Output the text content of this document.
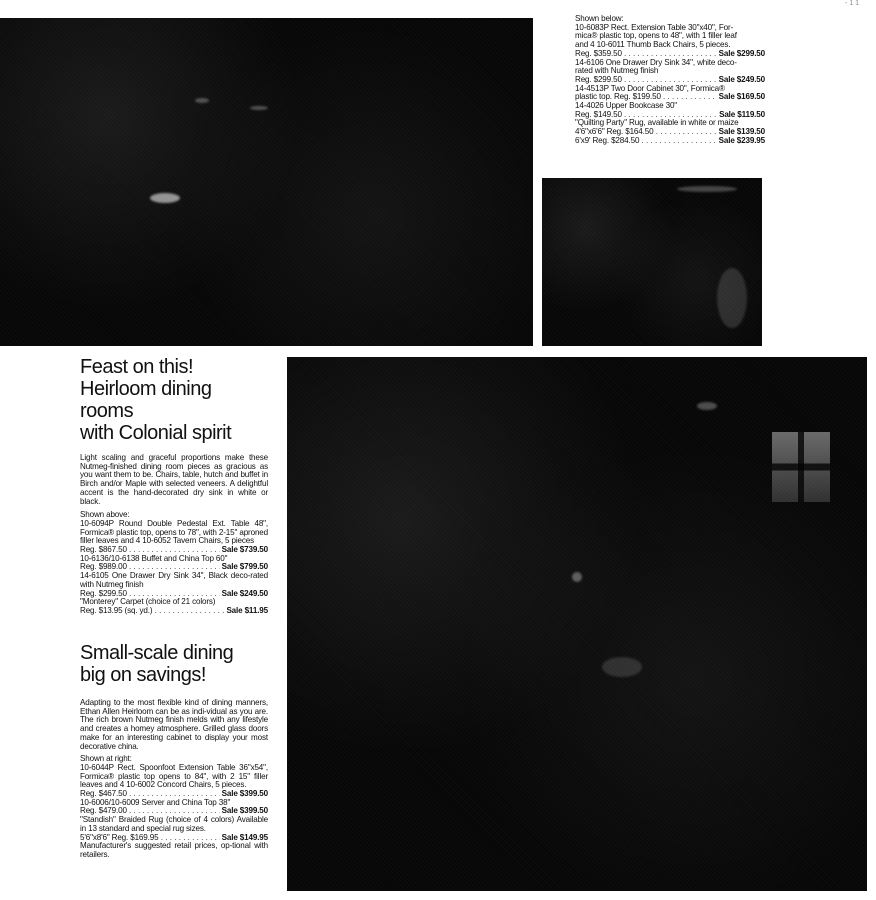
- 1 1

Shown below:

10-6083P Rect. Extension Table 30"x40", For-

mica® plastic top, opens to 48", with 1 filler leaf

and 4 10-6011 Thumb Back Chairs, 5 pieces.

Reg. $359.50 . . .	Sale $299.50

14-6106 One Drawer Dry Sink 34", white deco-

rated with Nutmeg finish

Reg. $299.50 . . .	Sale $249.50

14-4513P Two Door Cabinet 30", Formica®

plastic top. Reg. $199.50 . . .	Sale $169.50

14-4026 Upper Bookcase 30"

Reg. $149.50 . . .	Sale $119.50

"Quilting Party" Rug, available in white or maize

4'6"x6'6" Reg. $164.50 . . .	Sale $139.50
6'x9' Reg. $284.50 . . .	Sale $239.95
Feast on this!
Heirloom dining rooms
with Colonial spirit

Light scaling and graceful proportions make these Nutmeg-finished dining room pieces as gracious as you want them to be. Chairs, table, hutch and buffet in Birch and/or Maple with selected veneers. A delightful accent is the hand-decorated dry sink in white or black.

Shown above:

10-6094P Round Double Pedestal Ext. Table 48", Formica® plastic top, opens to 78", with 2-15" aproned filler leaves and 4 10-6052 Tavern Chairs, 5 pieces

Reg. $867.50 . . .	Sale $739.50

10-6136/10-6138 Buffet and China Top 60"

Reg. $989.00 . . .	Sale $799.50

14-6105 One Drawer Dry Sink 34", Black deco-rated with Nutmeg finish

Reg. $299.50 . . .	Sale $249.50

"Monterey" Carpet (choice of 21 colors)

Reg. $13.95 (sq. yd.) . . .	Sale $11.95
Small-scale dining
big on savings!

Adapting to the most flexible kind of dining manners, Ethan Allen Heirloom can be as indi-vidual as you are. The rich brown Nutmeg finish melds with any lifestyle and creates a homey atmosphere. Grilled glass doors make for an interesting cabinet to display your most decorative china.

Shown at right:

10-6044P Rect. Spoonfoot Extension Table 36"x54", Formica® plastic top opens to 84", with 2 15" filler leaves and 4 10-6002 Concord Chairs, 5 pieces.

Reg. $467.50 . . .	Sale $399.50

10-6006/10-6009 Server and China Top 38"

Reg. $479.00 . . .	Sale $399.50

"Standish" Braided Rug (choice of 4 colors) Available in 13 standard and special rug sizes.

5'6"x8'6" Reg. $169.95 . . .	Sale $149.95

Manufacturer's suggested retail prices, op-tional with retailers.
